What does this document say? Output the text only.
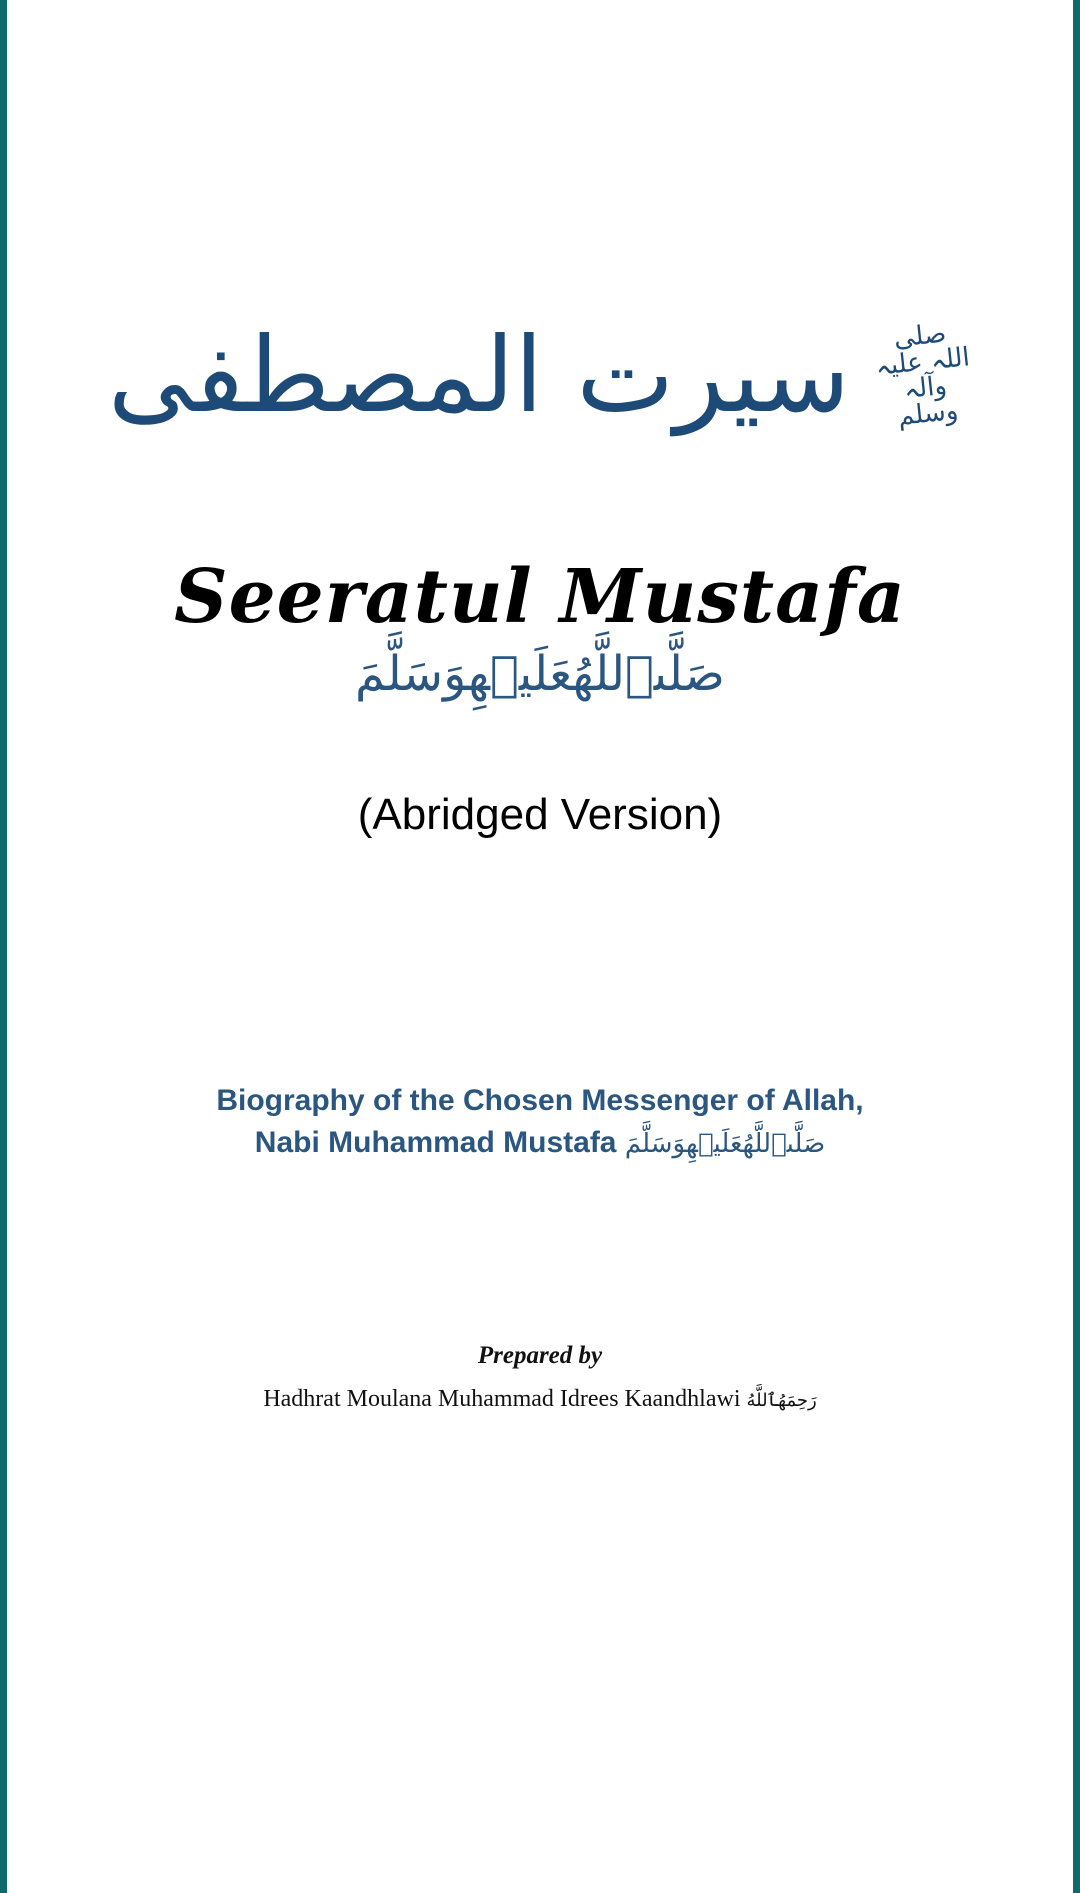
سیرت المصطفی	صلی اللہ علیہ وآلہ وسلم
Seeratul Mustafa
صَلَّىٱللَّهُعَلَيۡهِوَسَلَّمَ
(Abridged Version)
Biography of the Chosen Messenger of Allah,
Nabi Muhammad Mustafa صَلَّىٱللَّهُعَلَيۡهِوَسَلَّمَ
Prepared by
Hadhrat Moulana Muhammad Idrees Kaandhlawi رَحِمَهُٱللَّهُ
